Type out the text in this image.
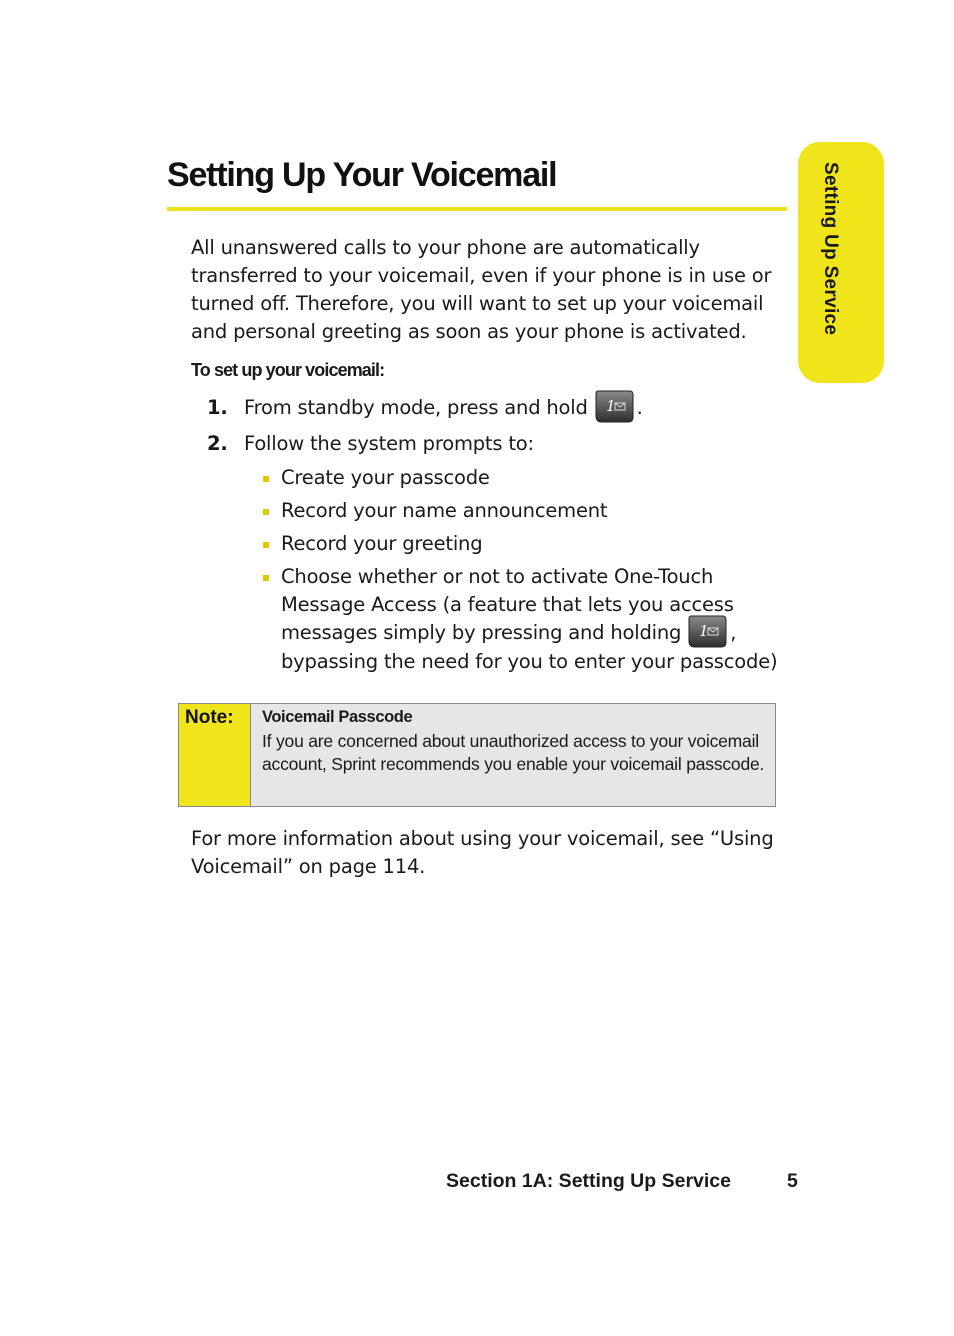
Setting Up Your Voicemail	Setting Up Service

All unanswered calls to your phone are automatically transferred to your voicemail, even if your phone is in use or turned off. Therefore, you will want to set up your voicemail and personal greeting as soon as your phone is activated.

To set up your voicemail:

1. From standby mode, press and hold 1 .
2. Follow the system prompts to:
Create your passcode
Record your name announcement
Record your greeting
Choose whether or not to activate One-Touch Message Access (a feature that lets you access messages simply by pressing and holding 1 , bypassing the need for you to enter your passcode)
Note: Voicemail Passcode

If you are concerned about unauthorized access to your voicemail account, Sprint recommends you enable your voicemail passcode.

For more information about using your voicemail, see “Using Voicemail” on page 114.

Section 1A: Setting Up Service	5
